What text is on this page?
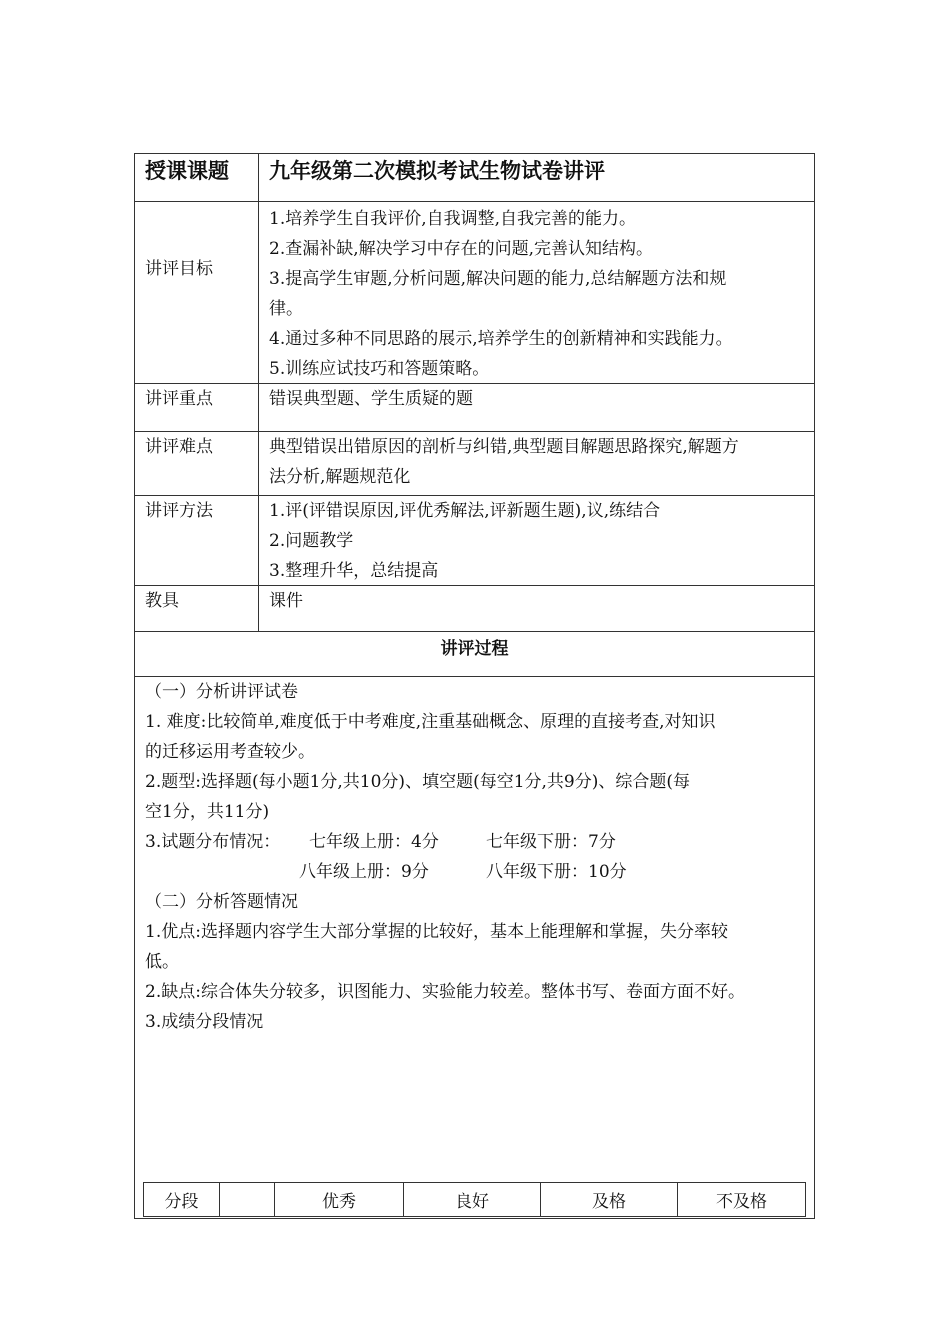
授课课题	九年级第二次模拟考试生物试卷讲评
讲评目标
1.培养学生自我评价,自我调整,自我完善的能力。
2.查漏补缺,解决学习中存在的问题,完善认知结构。
3.提高学生审题,分析问题,解决问题的能力,总结解题方法和规
律。
4.通过多种不同思路的展示,培养学生的创新精神和实践能力。
5.训练应试技巧和答题策略。
讲评重点	错误典型题、学生质疑的题
讲评难点	典型错误出错原因的剖析与纠错,典型题目解题思路探究,解题方
法分析,解题规范化
讲评方法	1.评(评错误原因,评优秀解法,评新题生题),议,练结合
2.问题教学
3.整理升华，总结提高
教具	课件
讲评过程
（一）分析讲评试卷
1. 难度:比较简单,难度低于中考难度,注重基础概念、原理的直接考查,对知识
的迁移运用考查较少。
2.题型:选择题(每小题1分,共10分)、填空题(每空1分,共9分)、综合题(每
空1分，共11分)
3.试题分布情况： 七年级上册：4分	七年级下册：7分
八年级上册：9分	八年级下册：10分
（二）分析答题情况
1.优点:选择题内容学生大部分掌握的比较好，基本上能理解和掌握，失分率较
低。
2.缺点:综合体失分较多，识图能力、实验能力较差。整体书写、卷面方面不好。
3.成绩分段情况
分段		优秀	良好	及格	不及格
